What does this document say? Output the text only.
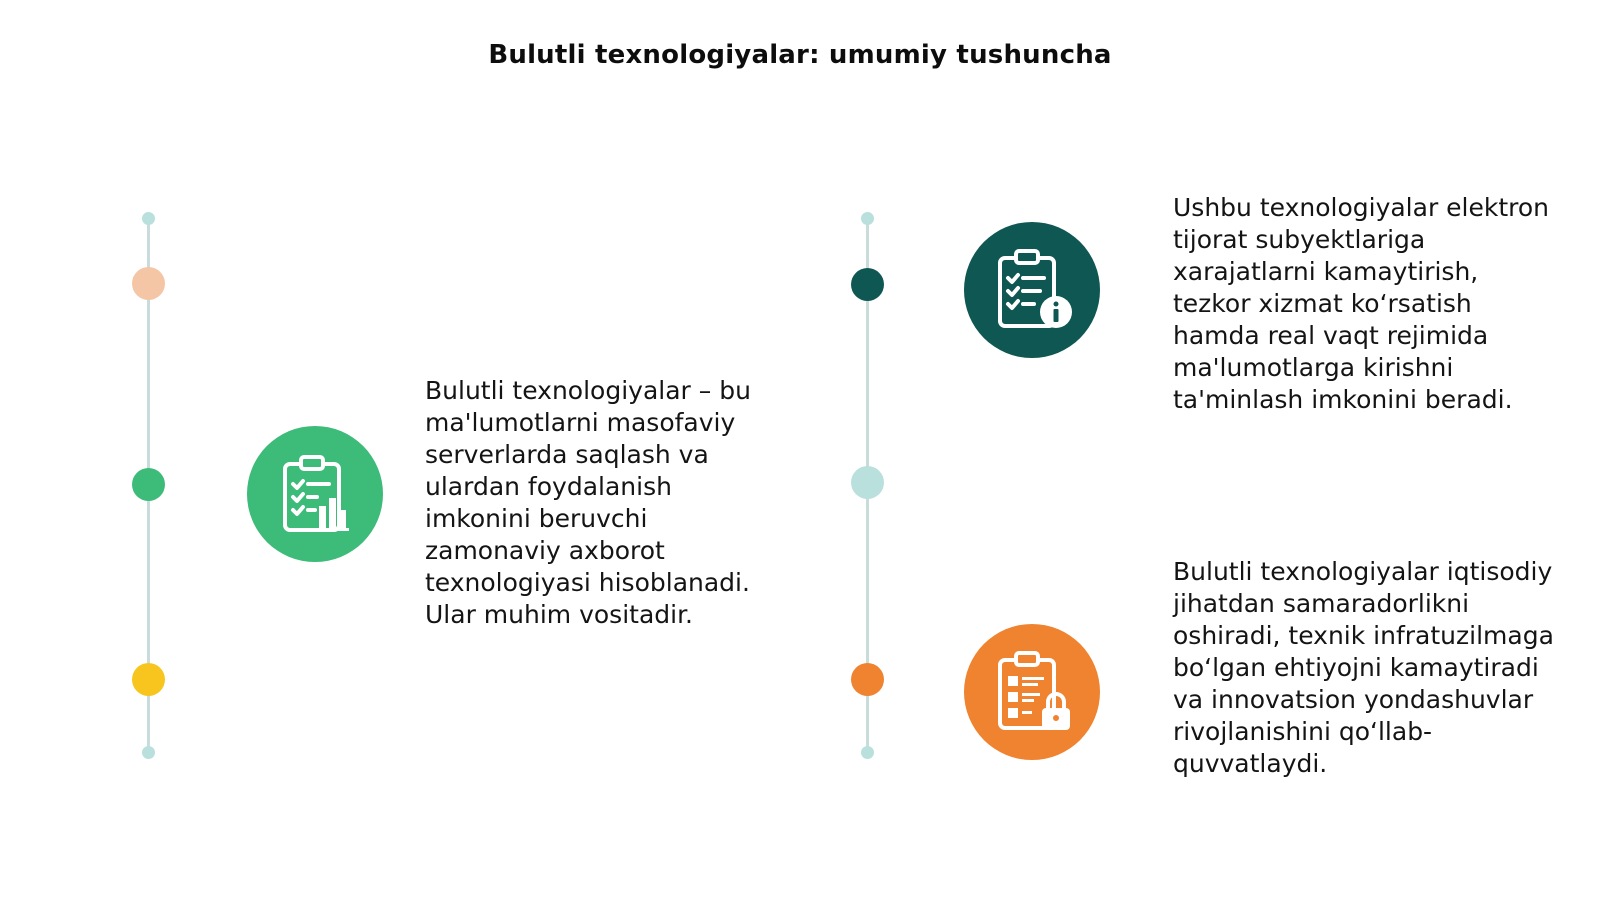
Bulutli texnologiyalar: umumiy tushuncha
Bulutli texnologiyalar – bu ma'lumotlarni masofaviy serverlarda saqlash va ulardan foydalanish imkonini beruvchi zamonaviy axborot texnologiyasi hisoblanadi. Ular muhim vositadir.
Ushbu texnologiyalar elektron tijorat subyektlariga xarajatlarni kamaytirish, tezkor xizmat koʻrsatish hamda real vaqt rejimida ma'lumotlarga kirishni ta'minlash imkonini beradi.
Bulutli texnologiyalar iqtisodiy jihatdan samaradorlikni oshiradi, texnik infratuzilmaga boʻlgan ehtiyojni kamaytiradi va innovatsion yondashuvlar rivojlanishini qoʻllab-quvvatlaydi.
